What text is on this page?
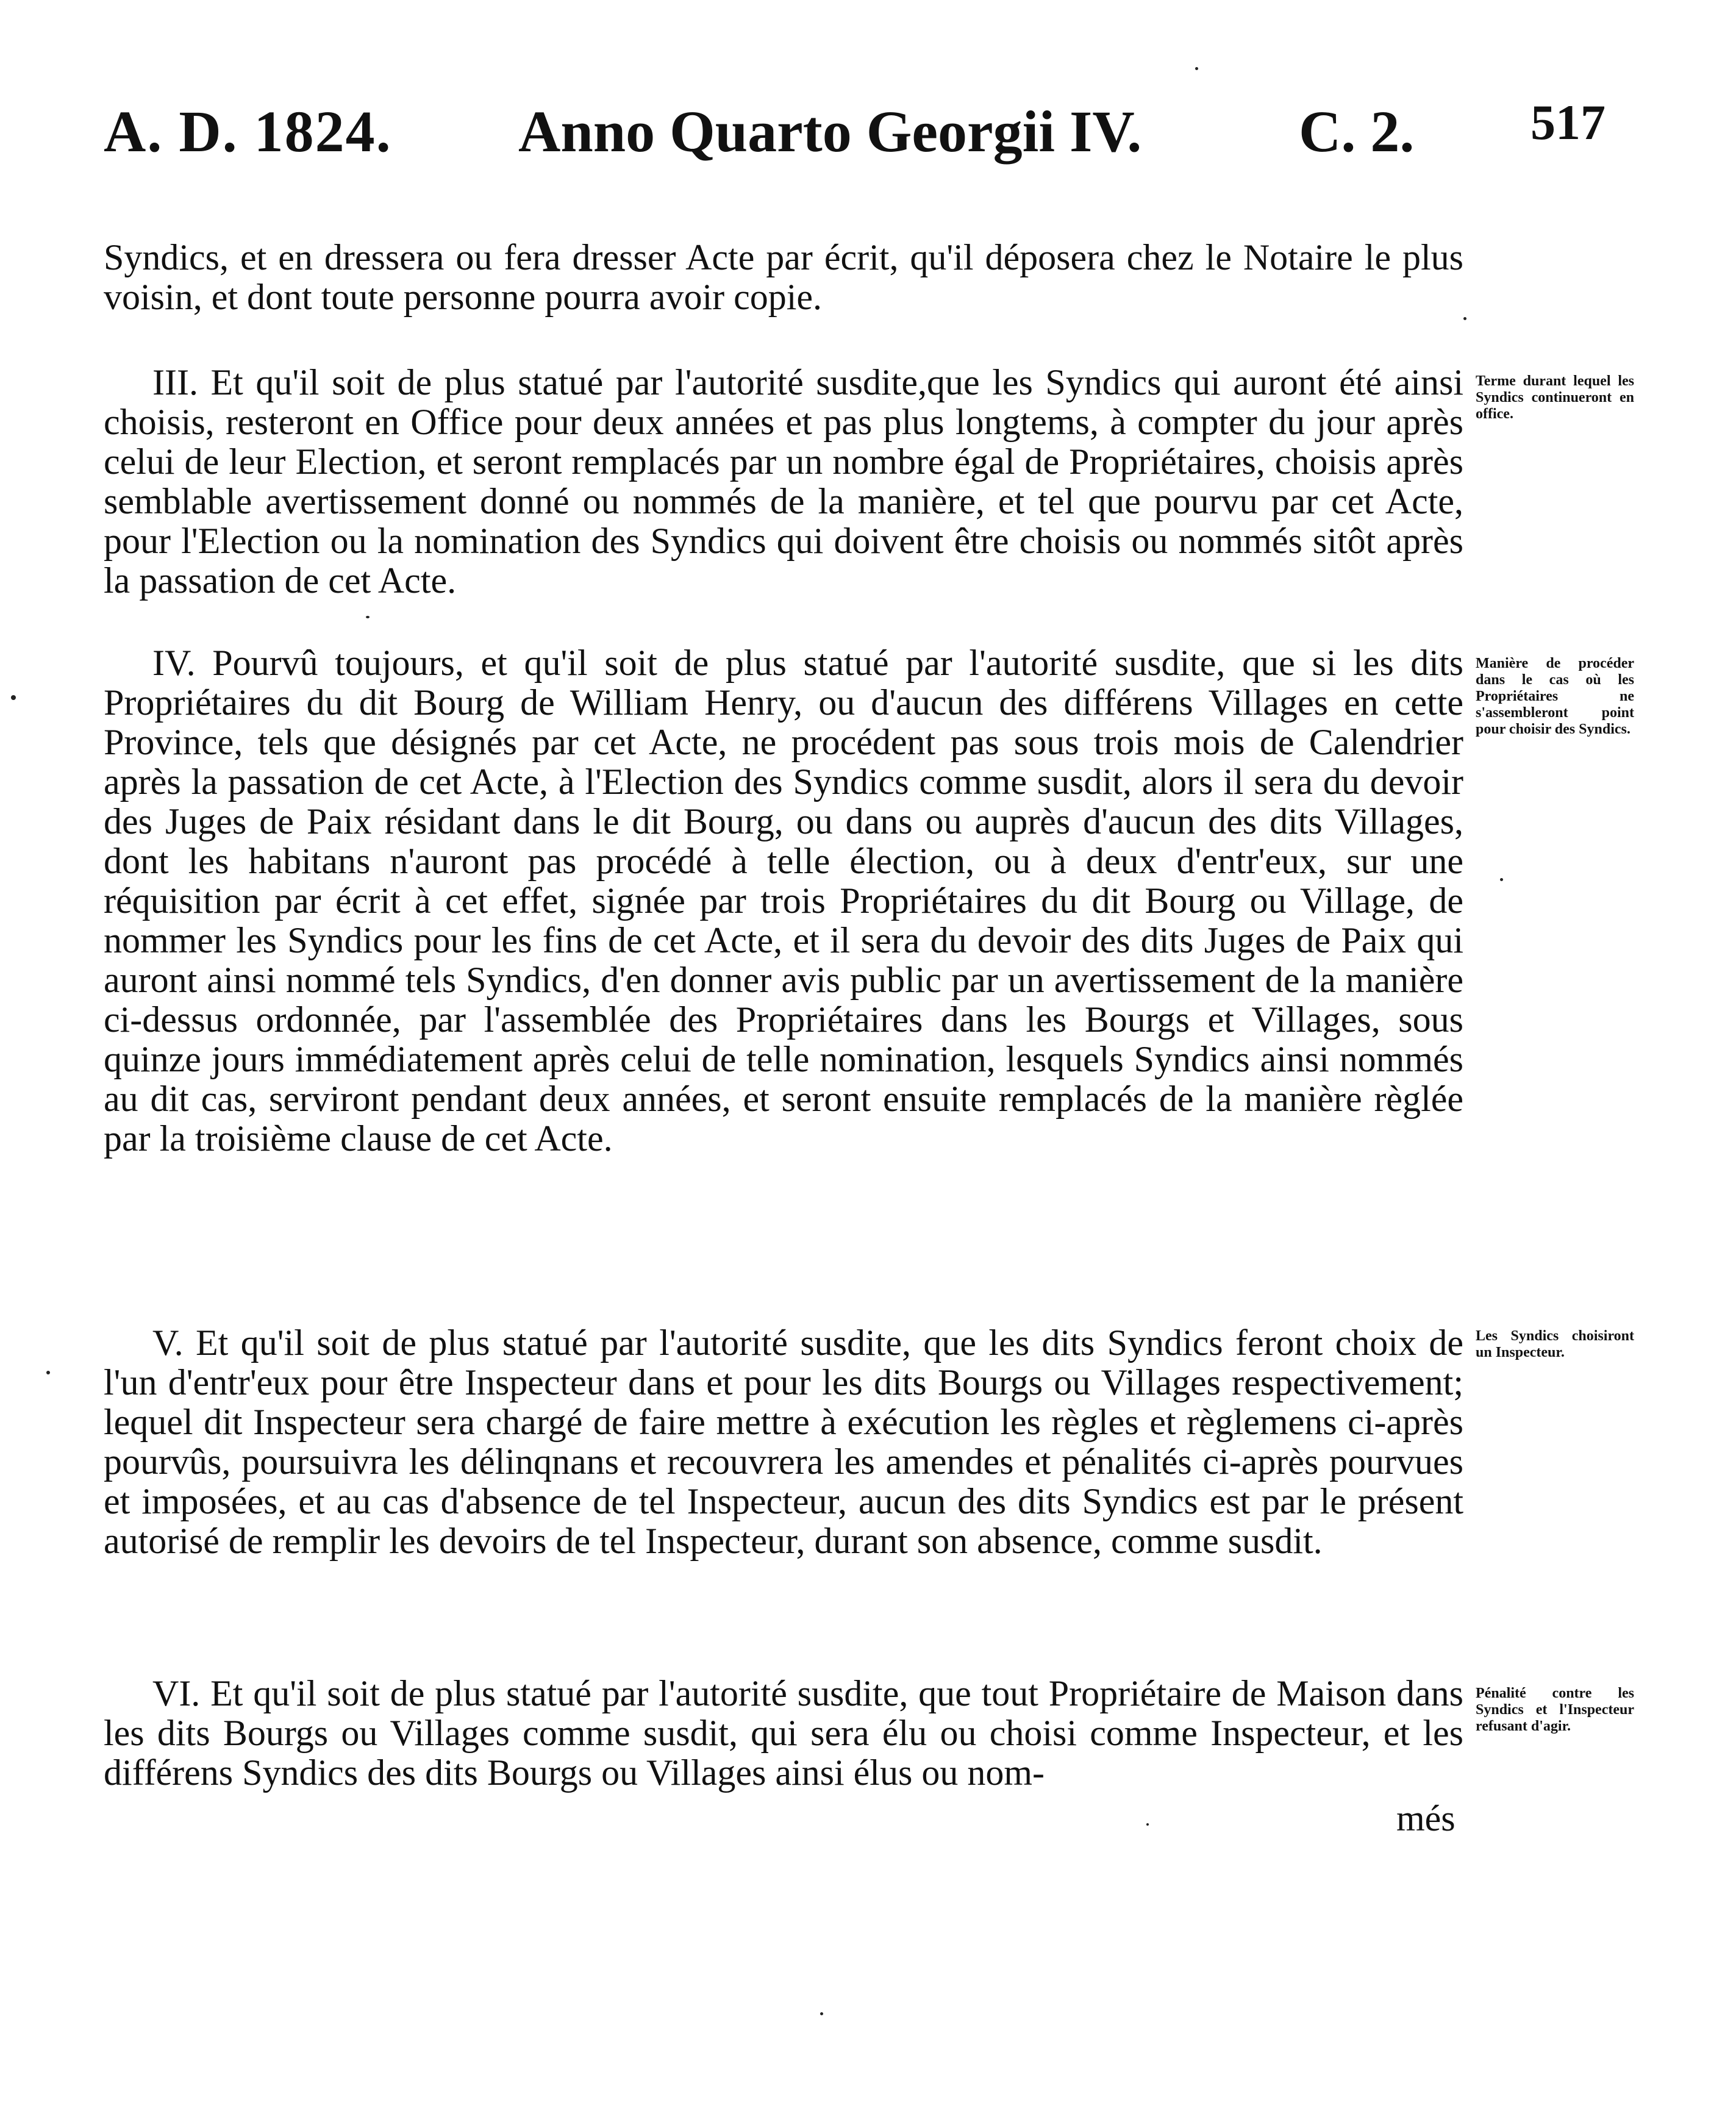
A. D. 1824. Anno Quarto Georgii IV.	C. 2. 517

Syndics, et en dressera ou fera dresser Acte par écrit, qu'il déposera chez le Notaire le plus voisin, et dont toute personne pourra avoir copie.

III. Et qu'il soit de plus statué par l'autorité susdite,que les Syndics qui auront été ainsi choisis, resteront en Office pour deux années et pas plus longtems, à compter du jour après celui de leur Election, et seront remplacés par un nombre égal de Propriétaires, choisis après semblable avertissement donné ou nommés de la manière, et tel que pourvu par cet Acte, pour l'Election ou la nomination des Syndics qui doivent être choisis ou nommés sitôt après la passation de cet Acte.

IV. Pourvû toujours, et qu'il soit de plus statué par l'autorité susdite, que si les dits Propriétaires du dit Bourg de William Henry, ou d'aucun des différens Villages en cette Province, tels que désignés par cet Acte, ne procédent pas sous trois mois de Calendrier après la passation de cet Acte, à l'Election des Syndics comme susdit, alors il sera du devoir des Juges de Paix résidant dans le dit Bourg, ou dans ou auprès d'aucun des dits Villages, dont les habitans n'auront pas procédé à telle élection, ou à deux d'entr'eux, sur une réquisition par écrit à cet effet, signée par trois Propriétaires du dit Bourg ou Village, de nommer les Syndics pour les fins de cet Acte, et il sera du devoir des dits Juges de Paix qui auront ainsi nommé tels Syndics, d'en donner avis public par un avertissement de la manière ci-dessus ordonnée, par l'assemblée des Propriétaires dans les Bourgs et Villages, sous quinze jours immédiatement après celui de telle nomination, lesquels Syndics ainsi nommés au dit cas, serviront pendant deux années, et seront ensuite remplacés de la manière règlée par la troisième clause de cet Acte.

V. Et qu'il soit de plus statué par l'autorité susdite, que les dits Syndics feront choix de l'un d'entr'eux pour être Inspecteur dans et pour les dits Bourgs ou Villages respectivement; lequel dit Inspecteur sera chargé de faire mettre à exécution les règles et règlemens ci-après pourvûs, poursuivra les délinqnans et recouvrera les amendes et pénalités ci-après pourvues et imposées, et au cas d'absence de tel Inspecteur, aucun des dits Syndics est par le présent autorisé de remplir les devoirs de tel Inspecteur, durant son absence, comme susdit.

VI. Et qu'il soit de plus statué par l'autorité susdite, que tout Propriétaire de Maison dans les dits Bourgs ou Villages comme susdit, qui sera élu ou choisi comme Inspecteur, et les différens Syndics des dits Bourgs ou Villages ainsi élus ou nom-

més
Terme durant lequel les Syndics continueront en office.
Manière de procéder dans le cas où les Propriétaires ne s'assembleront point pour choisir des Syndics.
Les Syndics choisiront un Inspecteur.
Pénalité contre les Syndics et l'Inspecteur refusant d'agir.
